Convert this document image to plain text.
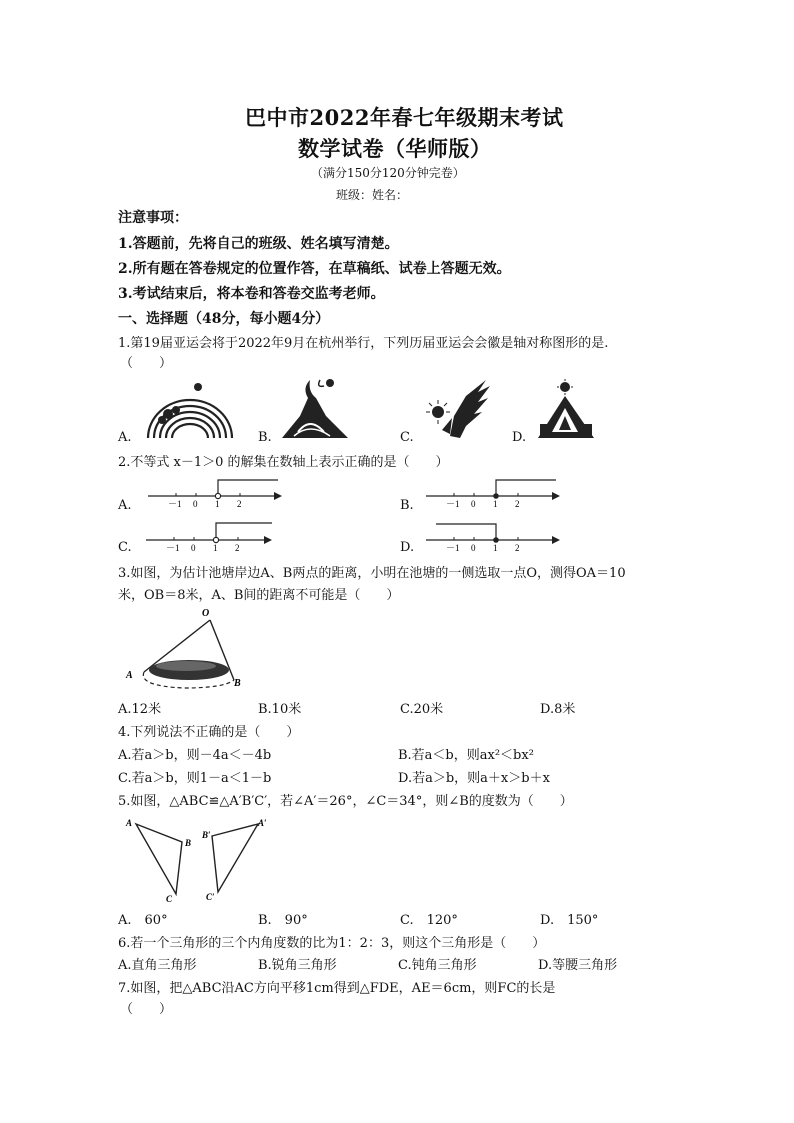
巴中市2022年春七年级期末考试
数学试卷（华师版）
（满分150分120分钟完卷）
班级：姓名：
注意事项：
1.答题前，先将自己的班级、姓名填写清楚。
2.所有题在答卷规定的位置作答，在草稿纸、试卷上答题无效。
3.考试结束后，将本卷和答卷交监考老师。
一、选择题（48分，每小题4分）
1.第19届亚运会将于2022年9月在杭州举行，下列历届亚运会会徽是轴对称图形的是.
（　　）
A.	B.	C.	D.
2.不等式 x－1＞0 的解集在数轴上表示正确的是（　　）
A.	B.
C.	D.
－1 0 1 2	－1 0 1 2
－1 0 1 2	－1 0 1 2
3.如图，为估计池塘岸边A、B两点的距离，小明在池塘的一侧选取一点O，测得OA＝10
米，OB＝8米，A、B间的距离不可能是（　　）
O
A
B
A.12米	B.10米	C.20米	D.8米
4.下列说法不正确的是（　　）
A.若a＞b，则－4a＜－4b	B.若a＜b，则ax²＜bx²
C.若a＞b，则1－a＜1－b	D.若a＞b，则a＋x＞b＋x
5.如图，△ABC≌△A′B′C′，若∠A′＝26°，∠C＝34°，则∠B的度数为（　　）
A
B
C
B′
A′
C′
A.　60°	B.　90°	C.　120°	D.　150°
6.若一个三角形的三个内角度数的比为1：2：3，则这个三角形是（　　）
A.直角三角形	B.锐角三角形	C.钝角三角形	D.等腰三角形
7.如图，把△ABC沿AC方向平移1cm得到△FDE，AE＝6cm，则FC的长是
（　　）
